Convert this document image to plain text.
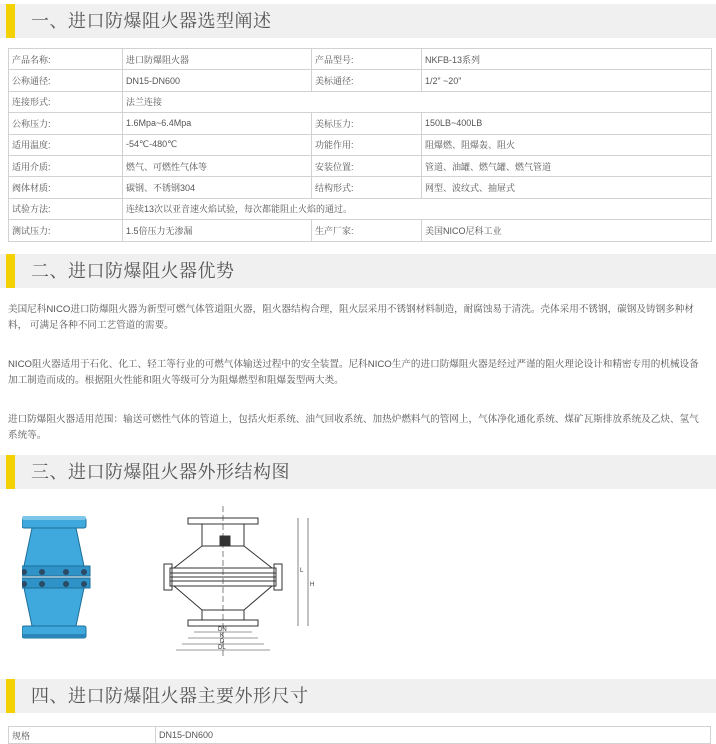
一、进口防爆阻火器选型阐述
产品名称:	进口防爆阻火器	产品型号:	NKFB-13系列
公称通径:	DN15-DN600	美标通径:	1/2” ~20”
连接形式:	法兰连接		
公称压力:	1.6Mpa~6.4Mpa	美标压力:	150LB~400LB
适用温度:	-54℃-480℃	功能作用:	阻爆燃、阻爆轰、阻火
适用介质:	燃气、可燃性气体等	安装位置:	管道、油罐、燃气罐、燃气管道
阀体材质:	碳钢、不锈钢304	结构形式:	网型、波纹式、抽屉式
试验方法:	连续13次以亚音速火焰试验，每次都能阻止火焰的通过。		
测试压力:	1.5倍压力无渗漏	生产厂家:	美国NICO尼科工业
二、进口防爆阻火器优势

美国尼科NICO进口防爆阻火器为新型可燃气体管道阻火器，阻火器结构合理，阻火层采用不锈钢材料制造，耐腐蚀易于清洗。壳体采用不锈钢，碳钢及铸钢多种材料， 可满足各种不同工艺管道的需要。

NICO阻火器适用于石化、化工、轻工等行业的可燃气体输送过程中的安全装置。尼科NICO生产的进口防爆阻火器是经过严谨的阻火理论设计和精密专用的机械设备加工制造而成的。根据阻火性能和阻火等级可分为阻爆燃型和阻爆轰型两大类。

进口防爆阻火器适用范围：输送可燃性气体的管道上，包括火炬系统、油气回收系统、加热炉燃料气的管网上，气体净化通化系统、煤矿瓦斯排放系统及乙炔、氢气系统等。

三、进口防爆阻火器外形结构图
DN
K
D
DL
L
H
四、进口防爆阻火器主要外形尺寸
规格	DN15-DN600
